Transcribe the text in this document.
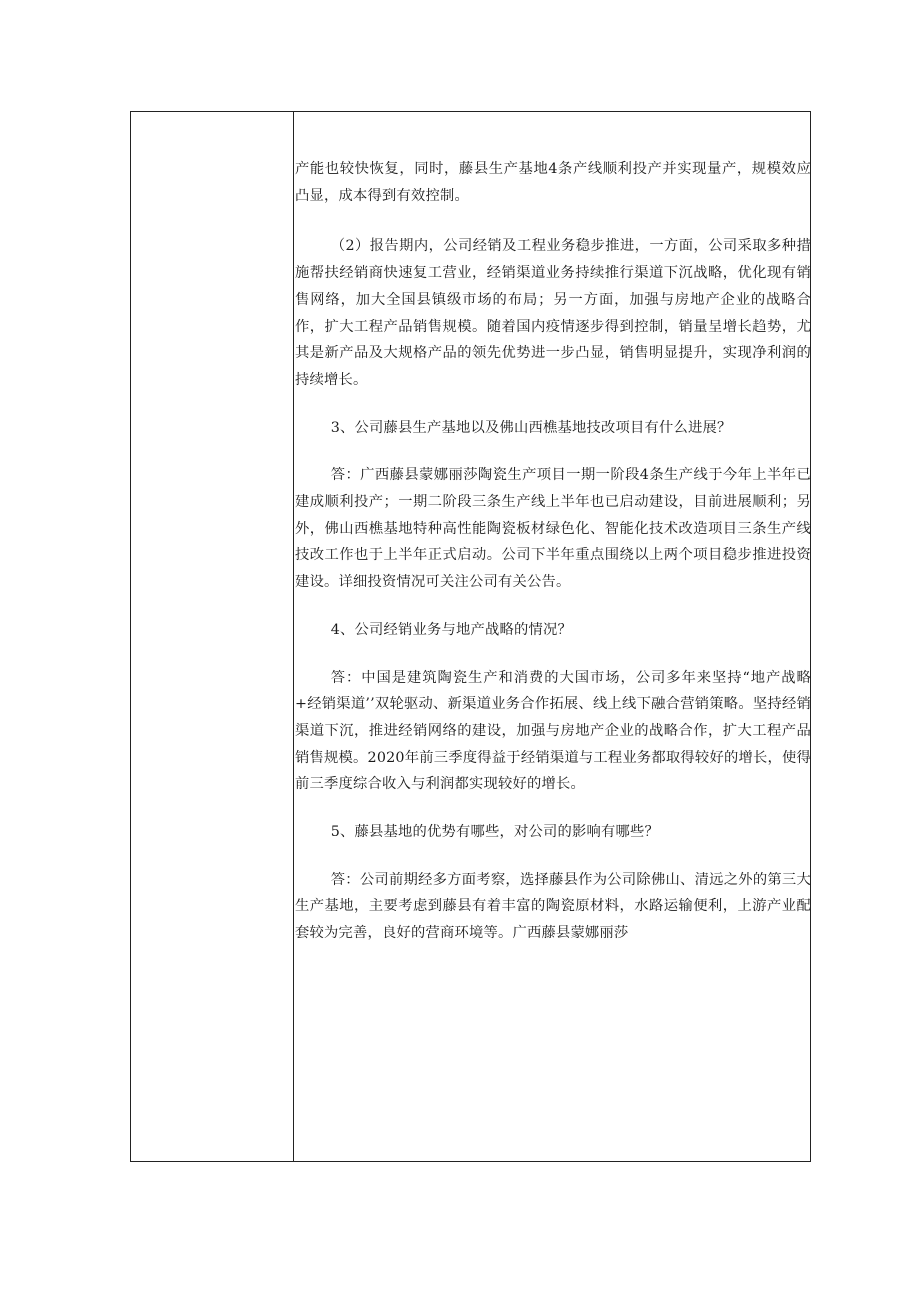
产能也较快恢复，同时，藤县生产基地4条产线顺利投产并实现量产，规模效应凸显，成本得到有效控制。

（2）报告期内，公司经销及工程业务稳步推进，一方面，公司采取多种措施帮扶经销商快速复工营业，经销渠道业务持续推行渠道下沉战略，优化现有销售网络，加大全国县镇级市场的布局；另一方面，加强与房地产企业的战略合作，扩大工程产品销售规模。随着国内疫情逐步得到控制，销量呈增长趋势，尤其是新产品及大规格产品的领先优势进一步凸显，销售明显提升，实现净利润的持续增长。

3、公司藤县生产基地以及佛山西樵基地技改项目有什么进展？

答：广西藤县蒙娜丽莎陶瓷生产项目一期一阶段4条生产线于今年上半年已建成顺利投产；一期二阶段三条生产线上半年也已启动建设，目前进展顺利；另外，佛山西樵基地特种高性能陶瓷板材绿色化、智能化技术改造项目三条生产线技改工作也于上半年正式启动。公司下半年重点围绕以上两个项目稳步推进投资建设。详细投资情况可关注公司有关公告。

4、公司经销业务与地产战略的情况？

答：中国是建筑陶瓷生产和消费的大国市场，公司多年来坚持“地产战略+经销渠道’’双轮驱动、新渠道业务合作拓展、线上线下融合营销策略。坚持经销渠道下沉，推进经销网络的建设，加强与房地产企业的战略合作，扩大工程产品销售规模。2020年前三季度得益于经销渠道与工程业务都取得较好的增长，使得前三季度综合收入与利润都实现较好的增长。

5、藤县基地的优势有哪些，对公司的影响有哪些？

答：公司前期经多方面考察，选择藤县作为公司除佛山、清远之外的第三大生产基地，主要考虑到藤县有着丰富的陶瓷原材料，水路运输便利，上游产业配套较为完善，良好的营商环境等。广西藤县蒙娜丽莎
